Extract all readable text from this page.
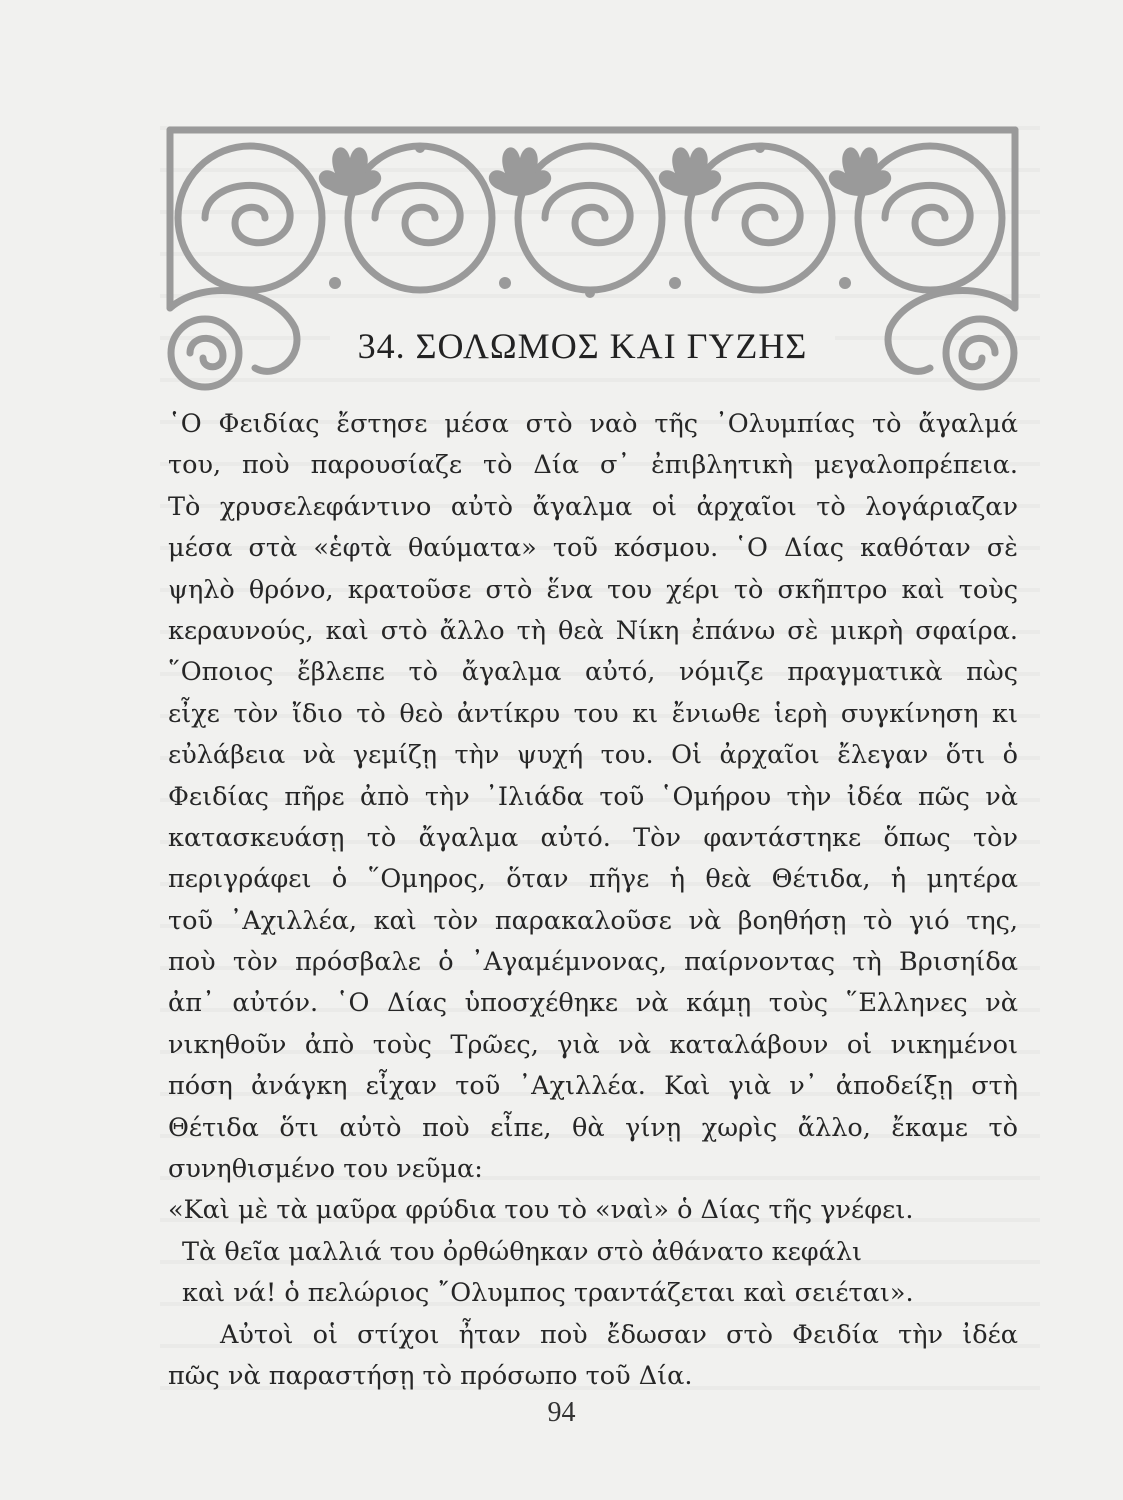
34. ΣΟΛΩΜΟΣ ΚΑΙ ΓΥΖΗΣ
῾Ο Φειδίας ἔστησε μέσα στὸ ναὸ τῆς ᾿Ολυμπίας τὸ ἄγαλμά
του, ποὺ παρουσίαζε τὸ Δία σ᾿ ἐπιβλητικὴ μεγαλοπρέπεια.
Τὸ χρυσελεφάντινο αὐτὸ ἄγαλμα οἱ ἀρχαῖοι τὸ λογάριαζαν
μέσα στὰ «ἑφτὰ θαύματα» τοῦ κόσμου. ῾Ο Δίας καθόταν σὲ
ψηλὸ θρόνο, κρατοῦσε στὸ ἕνα του χέρι τὸ σκῆπτρο καὶ τοὺς
κεραυνούς, καὶ στὸ ἄλλο τὴ θεὰ Νίκη ἐπάνω σὲ μικρὴ σφαίρα.
῞Οποιος ἔβλεπε τὸ ἄγαλμα αὐτό, νόμιζε πραγματικὰ πὼς
εἶχε τὸν ἴδιο τὸ θεὸ ἀντίκρυ του κι ἔνιωθε ἱερὴ συγκίνηση κι
εὐλάβεια νὰ γεμίζῃ τὴν ψυχή του. Οἱ ἀρχαῖοι ἔλεγαν ὅτι ὁ
Φειδίας πῆρε ἀπὸ τὴν ᾿Ιλιάδα τοῦ ῾Ομήρου τὴν ἰδέα πῶς νὰ
κατασκευάσῃ τὸ ἄγαλμα αὐτό. Τὸν φαντάστηκε ὅπως τὸν
περιγράφει ὁ ῞Ομηρος, ὅταν πῆγε ἡ θεὰ Θέτιδα, ἡ μητέρα
τοῦ ᾿Αχιλλέα, καὶ τὸν παρακαλοῦσε νὰ βοηθήσῃ τὸ γιό της,
ποὺ τὸν πρόσβαλε ὁ ᾿Αγαμέμνονας, παίρνοντας τὴ Βρισηίδα
ἀπ᾿ αὐτόν. ῾Ο Δίας ὑποσχέθηκε νὰ κάμῃ τοὺς ῞Ελληνες νὰ
νικηθοῦν ἀπὸ τοὺς Τρῶες, γιὰ νὰ καταλάβουν οἱ νικημένοι
πόση ἀνάγκη εἶχαν τοῦ ᾿Αχιλλέα. Καὶ γιὰ ν᾿ ἀποδείξῃ στὴ
Θέτιδα ὅτι αὐτὸ ποὺ εἶπε, θὰ γίνῃ χωρὶς ἄλλο, ἔκαμε τὸ
συνηθισμένο του νεῦμα:
«Καὶ μὲ τὰ μαῦρα φρύδια του τὸ «ναὶ» ὁ Δίας τῆς γνέφει.
Τὰ θεῖα μαλλιά του ὀρθώθηκαν στὸ ἀθάνατο κεφάλι
καὶ νά! ὁ πελώριος ῎Ολυμπος τραντάζεται καὶ σειέται».
Αὐτοὶ οἱ στίχοι ἦταν ποὺ ἔδωσαν στὸ Φειδία τὴν ἰδέα
πῶς νὰ παραστήσῃ τὸ πρόσωπο τοῦ Δία.
94
